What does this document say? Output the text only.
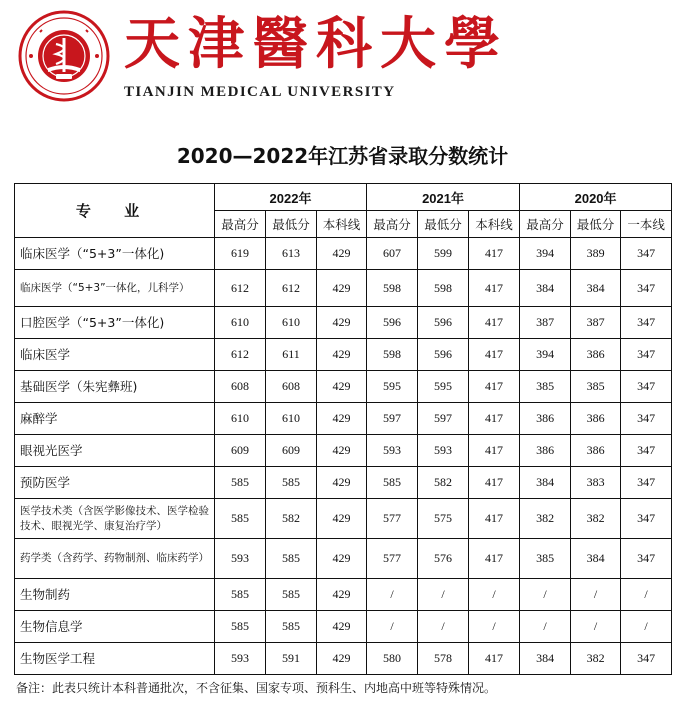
天津醫科大學
TIANJIN MEDICAL UNIVERSITY
2020—2022年江苏省录取分数统计
专 业	2022年			2021年			2020年		
	最高分	最低分	本科线	最高分	最低分	本科线	最高分	最低分	一本线
临床医学（“5+3”一体化)	619	613	429	607	599	417	394	389	347
临床医学（“5+3”一体化，儿科学）	612	612	429	598	598	417	384	384	347
口腔医学（“5+3”一体化)	610	610	429	596	596	417	387	387	347
临床医学	612	611	429	598	596	417	394	386	347
基础医学（朱宪彝班)	608	608	429	595	595	417	385	385	347
麻醉学	610	610	429	597	597	417	386	386	347
眼视光医学	609	609	429	593	593	417	386	386	347
预防医学	585	585	429	585	582	417	384	383	347
医学技术类（含医学影像技术、医学检验技术、眼视光学、康复治疗学）	585	582	429	577	575	417	382	382	347
药学类（含药学、药物制剂、临床药学）	593	585	429	577	576	417	385	384	347
生物制药	585	585	429	/	/	/	/	/	/
生物信息学	585	585	429	/	/	/	/	/	/
生物医学工程	593	591	429	580	578	417	384	382	347
备注：此表只统计本科普通批次，不含征集、国家专项、预科生、内地高中班等特殊情况。
